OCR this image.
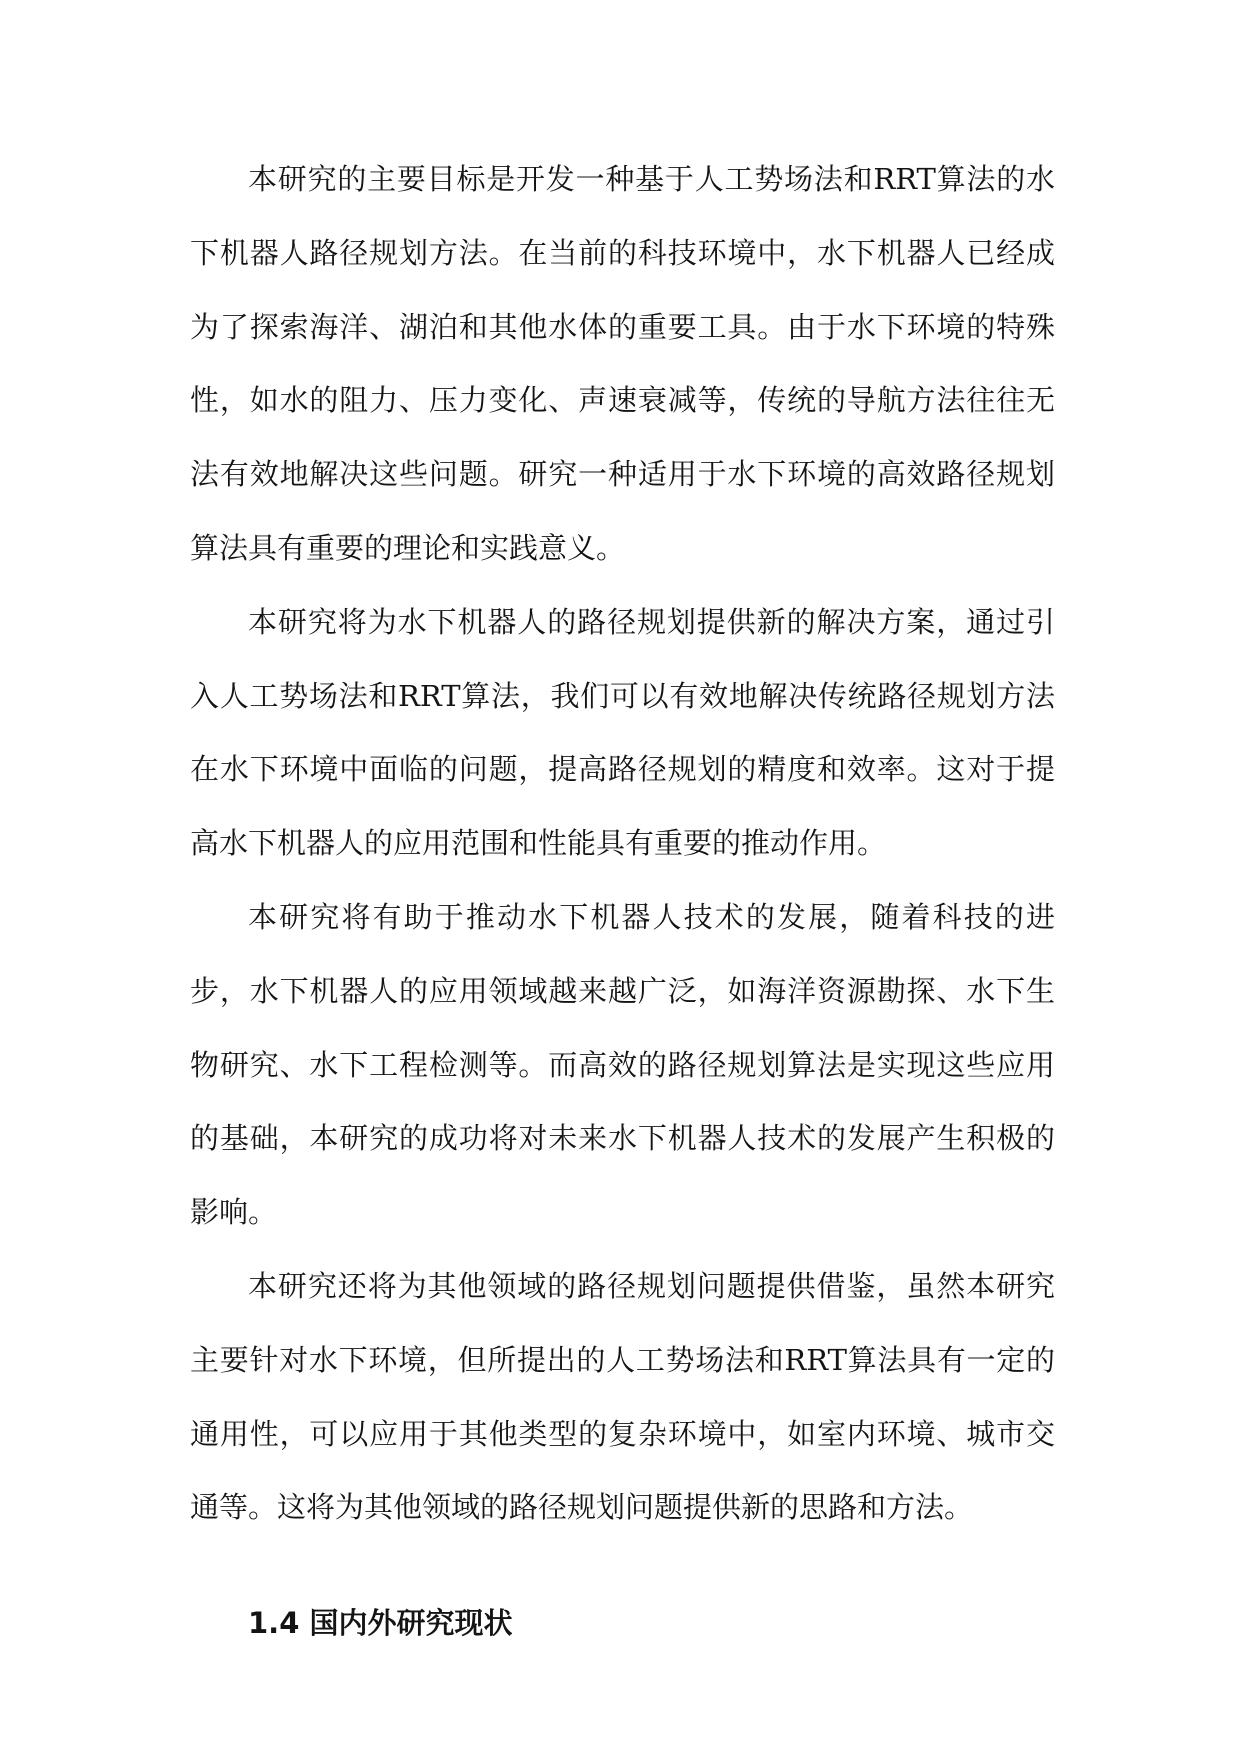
本研究的主要目标是开发一种基于人工势场法和RRT算法的水下机器人路径规划方法。在当前的科技环境中，水下机器人已经成为了探索海洋、湖泊和其他水体的重要工具。由于水下环境的特殊性，如水的阻力、压力变化、声速衰减等，传统的导航方法往往无法有效地解决这些问题。研究一种适用于水下环境的高效路径规划算法具有重要的理论和实践意义。

本研究将为水下机器人的路径规划提供新的解决方案，通过引入人工势场法和RRT算法，我们可以有效地解决传统路径规划方法在水下环境中面临的问题，提高路径规划的精度和效率。这对于提高水下机器人的应用范围和性能具有重要的推动作用。

本研究将有助于推动水下机器人技术的发展，随着科技的进步，水下机器人的应用领域越来越广泛，如海洋资源勘探、水下生物研究、水下工程检测等。而高效的路径规划算法是实现这些应用的基础，本研究的成功将对未来水下机器人技术的发展产生积极的影响。

本研究还将为其他领域的路径规划问题提供借鉴，虽然本研究主要针对水下环境，但所提出的人工势场法和RRT算法具有一定的通用性，可以应用于其他类型的复杂环境中，如室内环境、城市交通等。这将为其他领域的路径规划问题提供新的思路和方法。

1.4 国内外研究现状
